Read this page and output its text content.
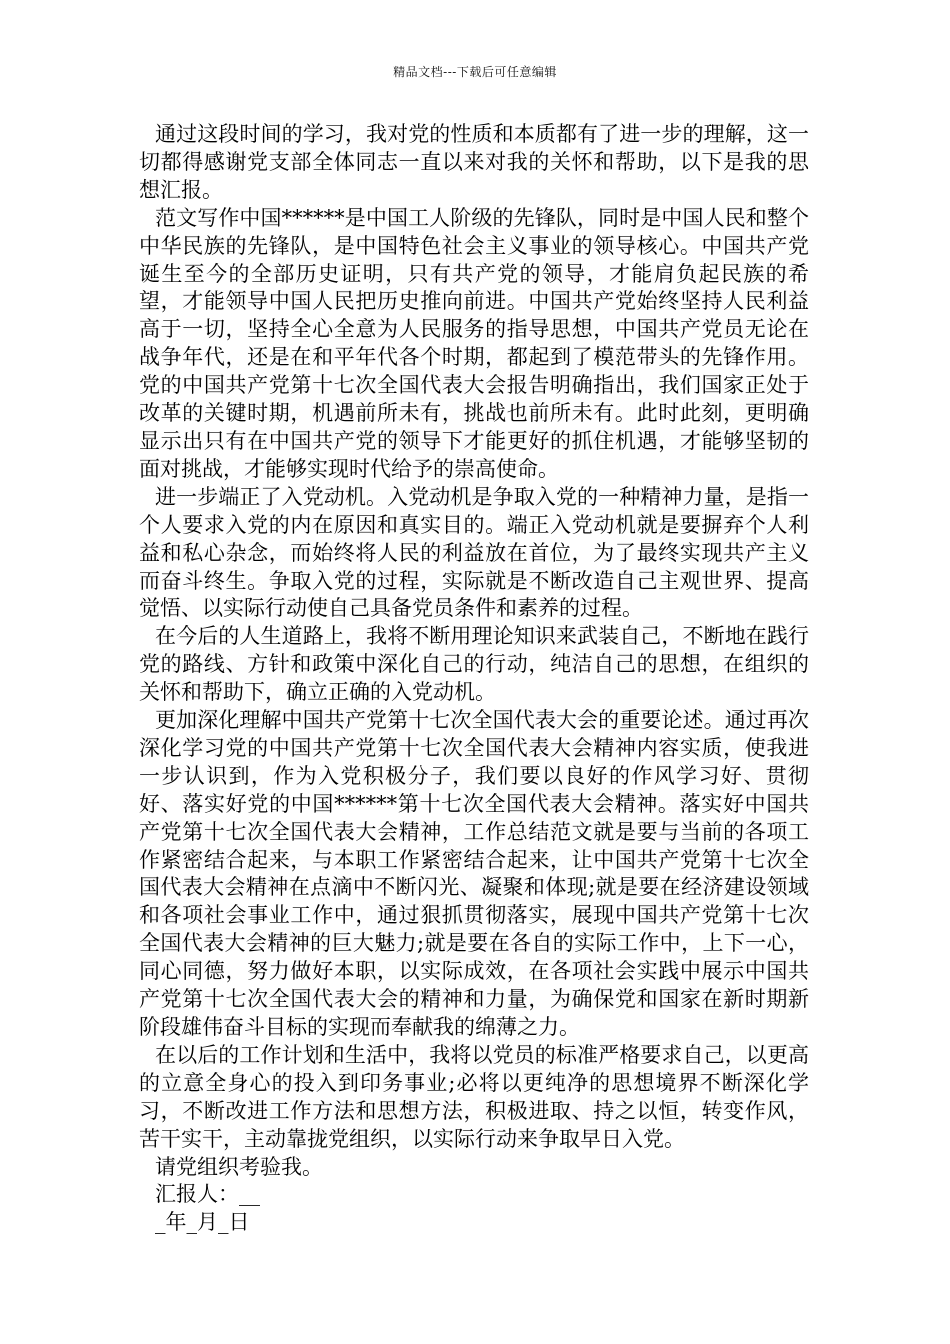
精品文档---下载后可任意编辑

通过这段时间的学习，我对党的性质和本质都有了进一步的理解，这一切都得感谢党支部全体同志一直以来对我的关怀和帮助，以下是我的思想汇报。

范文写作中国******是中国工人阶级的先锋队，同时是中国人民和整个中华民族的先锋队，是中国特色社会主义事业的领导核心。中国共产党诞生至今的全部历史证明，只有共产党的领导，才能肩负起民族的希望，才能领导中国人民把历史推向前进。中国共产党始终坚持人民利益高于一切，坚持全心全意为人民服务的指导思想，中国共产党员无论在战争年代，还是在和平年代各个时期，都起到了模范带头的先锋作用。党的中国共产党第十七次全国代表大会报告明确指出，我们国家正处于改革的关键时期，机遇前所未有，挑战也前所未有。此时此刻，更明确显示出只有在中国共产党的领导下才能更好的抓住机遇，才能够坚韧的面对挑战，才能够实现时代给予的崇高使命。

进一步端正了入党动机。入党动机是争取入党的一种精神力量，是指一个人要求入党的内在原因和真实目的。端正入党动机就是要摒弃个人利益和私心杂念，而始终将人民的利益放在首位，为了最终实现共产主义而奋斗终生。争取入党的过程，实际就是不断改造自己主观世界、提高觉悟、以实际行动使自己具备党员条件和素养的过程。

在今后的人生道路上，我将不断用理论知识来武装自己，不断地在践行党的路线、方针和政策中深化自己的行动，纯洁自己的思想，在组织的关怀和帮助下，确立正确的入党动机。

更加深化理解中国共产党第十七次全国代表大会的重要论述。通过再次深化学习党的中国共产党第十七次全国代表大会精神内容实质，使我进一步认识到，作为入党积极分子，我们要以良好的作风学习好、贯彻好、落实好党的中国******第十七次全国代表大会精神。落实好中国共产党第十七次全国代表大会精神，工作总结范文就是要与当前的各项工作紧密结合起来，与本职工作紧密结合起来，让中国共产党第十七次全国代表大会精神在点滴中不断闪光、凝聚和体现;就是要在经济建设领域和各项社会事业工作中，通过狠抓贯彻落实，展现中国共产党第十七次全国代表大会精神的巨大魅力;就是要在各自的实际工作中，上下一心，同心同德，努力做好本职，以实际成效，在各项社会实践中展示中国共产党第十七次全国代表大会的精神和力量，为确保党和国家在新时期新阶段雄伟奋斗目标的实现而奉献我的绵薄之力。

在以后的工作计划和生活中，我将以党员的标准严格要求自己，以更高的立意全身心的投入到印务事业;必将以更纯净的思想境界不断深化学习，不断改进工作方法和思想方法，积极进取、持之以恒，转变作风，苦干实干，主动靠拢党组织，以实际行动来争取早日入党。

请党组织考验我。

汇报人：__
_年_月_日
